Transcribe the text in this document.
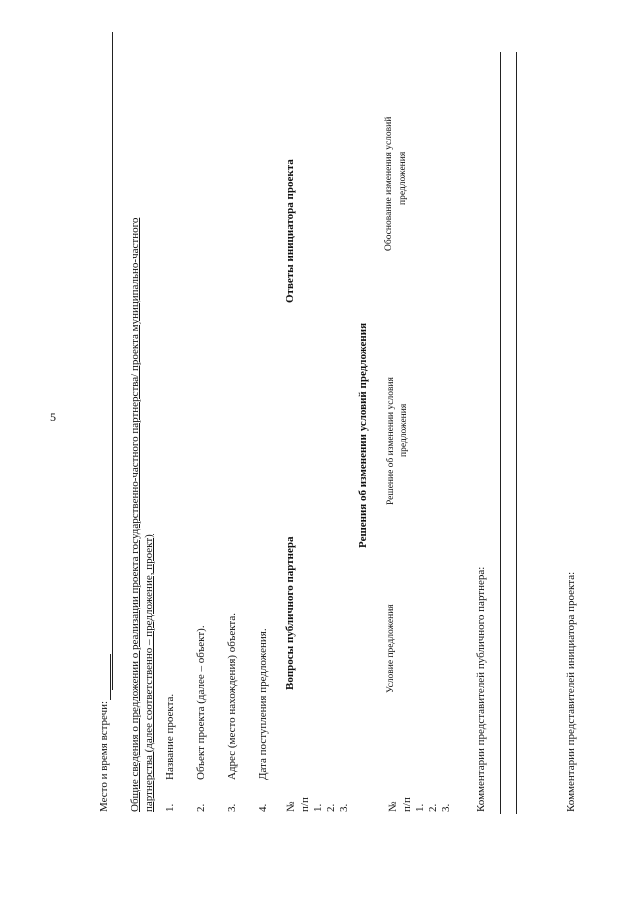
5
Место и время встречи: Общие сведения о предложении о реализации проекта государственно-частного партнерства/ проекта муниципально-частного партнерства (далее соответственно – предложение, проект) 1.
Название проекта.
2.
Объект проекта (далее – объект).
3.
Адрес (место нахождения) объекта.
4.
Дата поступления предложения.
№ п/п
Вопросы публичного партнера
Ответы инициатора проекта
1. 2. 3.
Решения об изменении условий предложения
№ п/п
Условие предложения
Решение об изменении условия предложения
Обоснование изменения условий предложения
1. 2. 3. Комментарии представителей публичного партнера:	Комментарии представителей инициатора проекта:
